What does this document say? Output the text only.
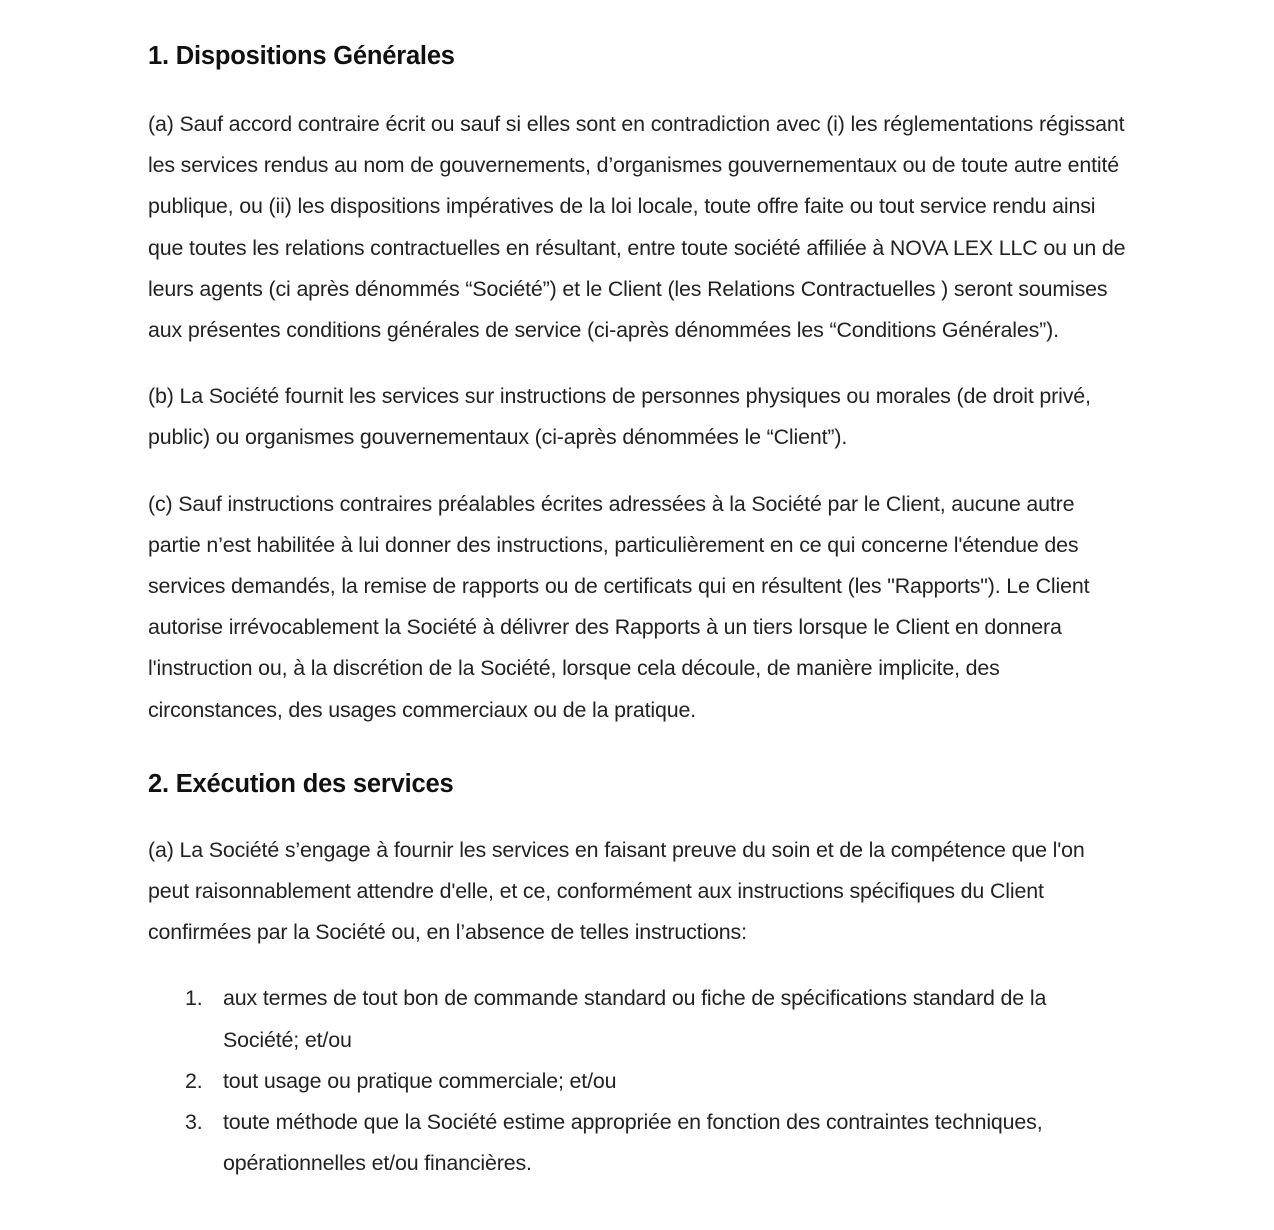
1. Dispositions Générales

(a) Sauf accord contraire écrit ou sauf si elles sont en contradiction avec (i) les réglementations régissant les services rendus au nom de gouvernements, d’organismes gouvernementaux ou de toute autre entité publique, ou (ii) les dispositions impératives de la loi locale, toute offre faite ou tout service rendu ainsi que toutes les relations contractuelles en résultant, entre toute société affiliée à NOVA LEX LLC ou un de leurs agents (ci après dénommés “Société”) et le Client (les Relations Contractuelles ) seront soumises aux présentes conditions générales de service (ci-après dénommées les “Conditions Générales”).

(b) La Société fournit les services sur instructions de personnes physiques ou morales (de droit privé, public) ou organismes gouvernementaux (ci-après dénommées le “Client”).

(c) Sauf instructions contraires préalables écrites adressées à la Société par le Client, aucune autre partie n’est habilitée à lui donner des instructions, particulièrement en ce qui concerne l'étendue des services demandés, la remise de rapports ou de certificats qui en résultent (les "Rapports"). Le Client autorise irrévocablement la Société à délivrer des Rapports à un tiers lorsque le Client en donnera l'instruction ou, à la discrétion de la Société, lorsque cela découle, de manière implicite, des circonstances, des usages commerciaux ou de la pratique.

2. Exécution des services

(a) La Société s’engage à fournir les services en faisant preuve du soin et de la compétence que l'on peut raisonnablement attendre d'elle, et ce, conformément aux instructions spécifiques du Client confirmées par la Société ou, en l’absence de telles instructions:

1. aux termes de tout bon de commande standard ou fiche de spécifications standard de la Société; et/ou
2. tout usage ou pratique commerciale; et/ou
3. toute méthode que la Société estime appropriée en fonction des contraintes techniques, opérationnelles et/ou financières.
